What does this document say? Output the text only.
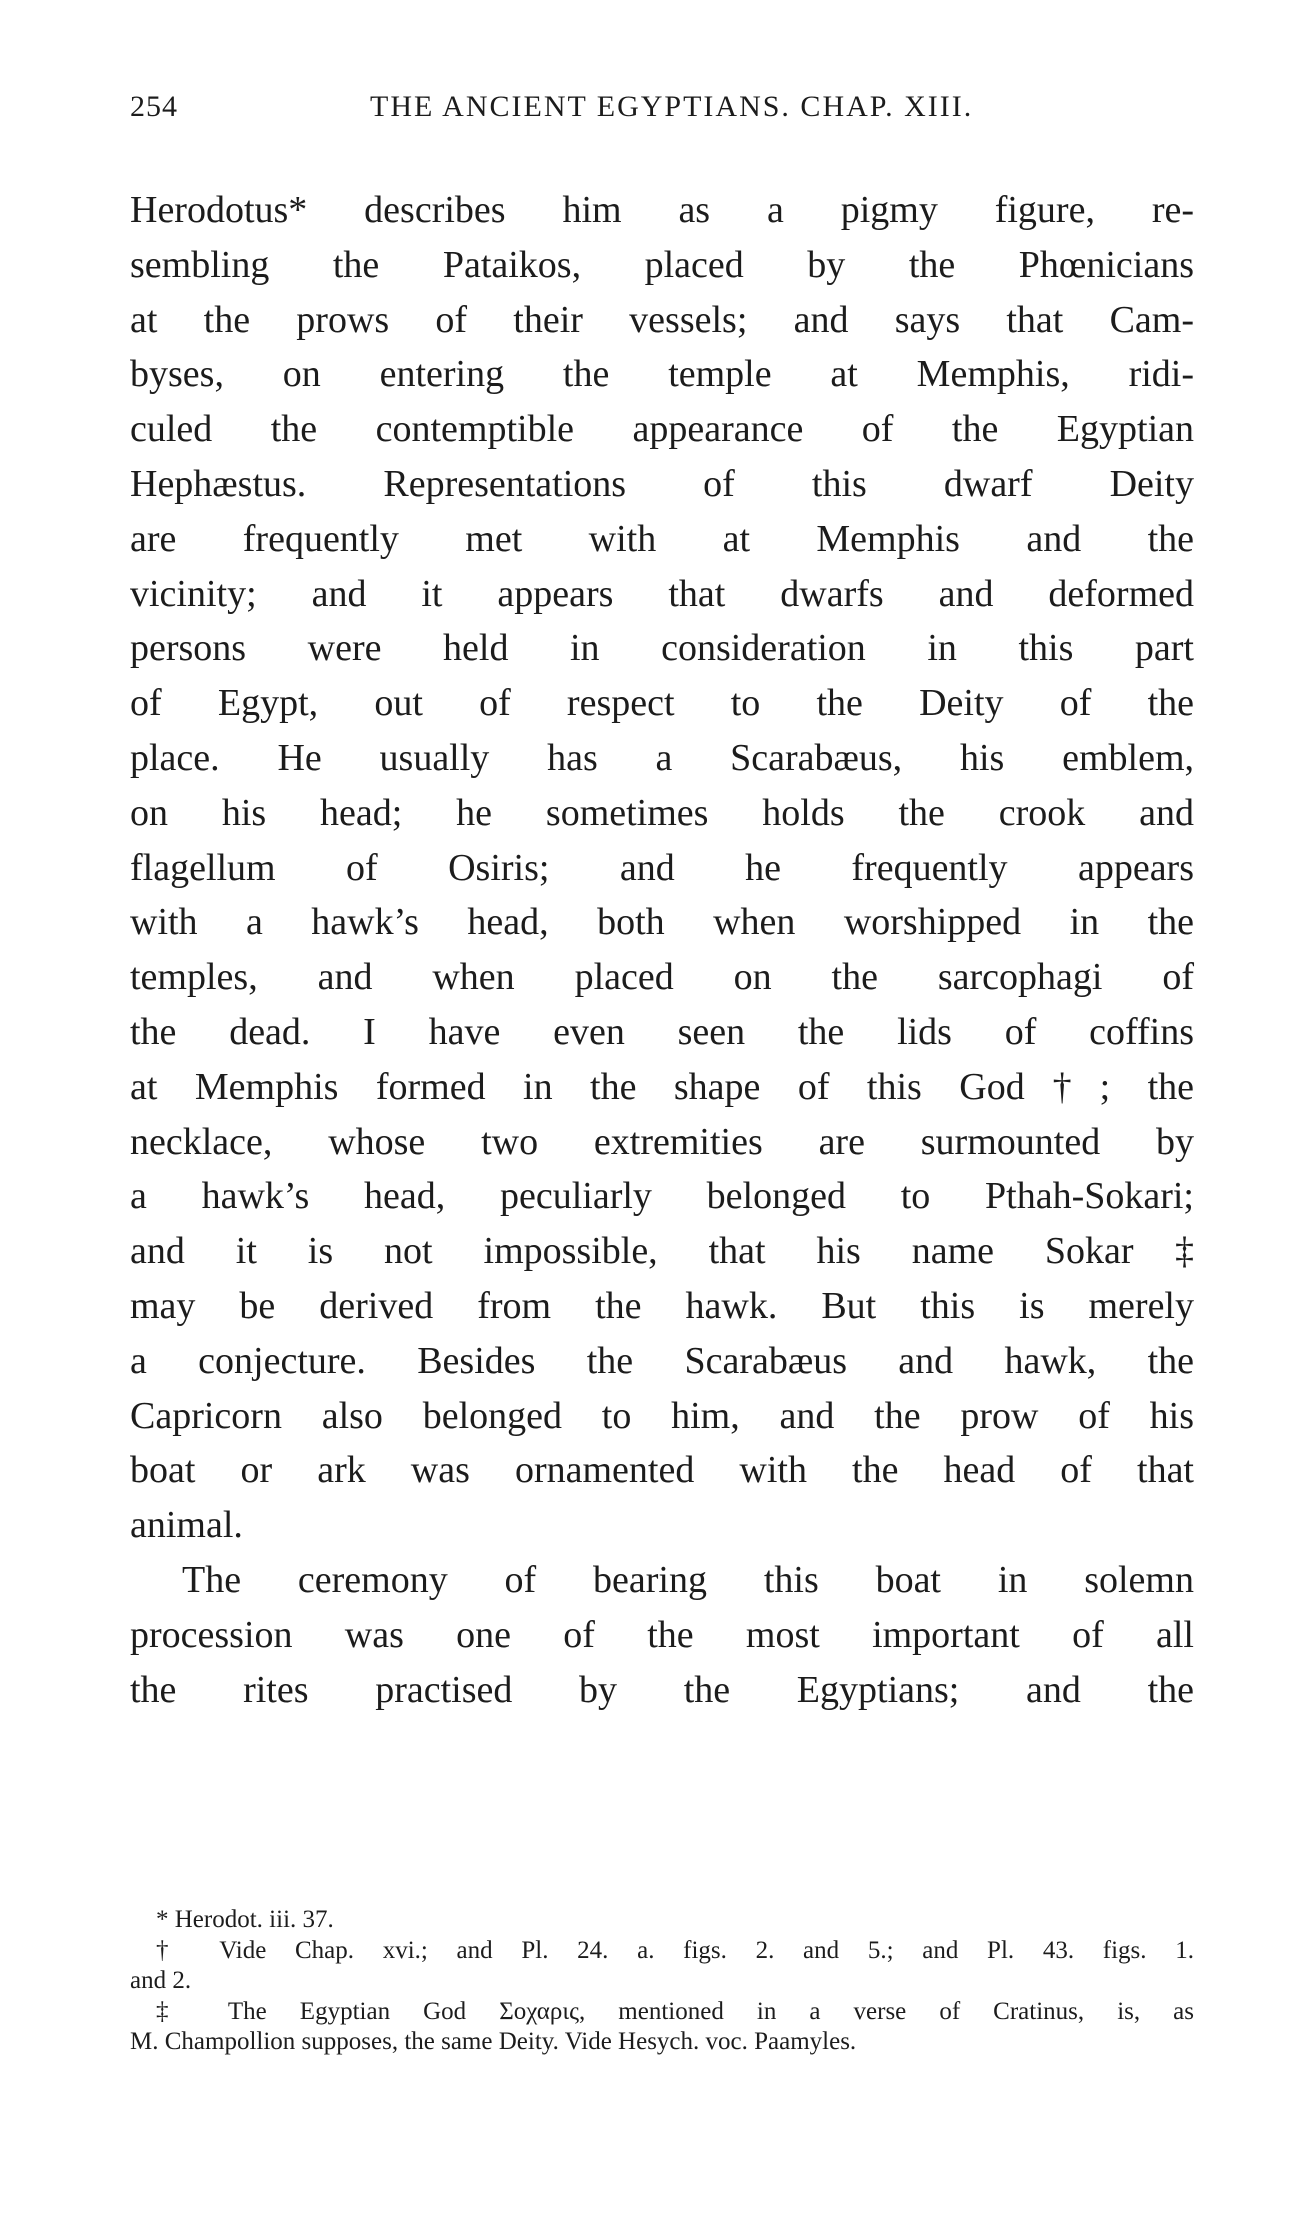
254	THE ANCIENT EGYPTIANS. CHAP. XIII.
Herodotus* describes him as a pigmy figure, re-
sembling the Pataikos, placed by the Phœnicians
at the prows of their vessels; and says that Cam-
byses, on entering the temple at Memphis, ridi-
culed the contemptible appearance of the Egyptian
Hephæstus. Representations of this dwarf Deity
are frequently met with at Memphis and the
vicinity; and it appears that dwarfs and deformed
persons were held in consideration in this part
of Egypt, out of respect to the Deity of the
place. He usually has a Scarabæus, his emblem,
on his head; he sometimes holds the crook and
flagellum of Osiris; and he frequently appears
with a hawk’s head, both when worshipped in the
temples, and when placed on the sarcophagi of
the dead. I have even seen the lids of coffins
at Memphis formed in the shape of this God†; the
necklace, whose two extremities are surmounted by
a hawk’s head, peculiarly belonged to Pthah-Sokari;
and it is not impossible, that his name Sokar‡
may be derived from the hawk. But this is merely
a conjecture. Besides the Scarabæus and hawk, the
Capricorn also belonged to him, and the prow of his
boat or ark was ornamented with the head of that
animal.
The ceremony of bearing this boat in solemn
procession was one of the most important of all
the rites practised by the Egyptians; and the
* Herodot. iii. 37.
† Vide Chap. xvi.; and Pl. 24. a. figs. 2. and 5.; and Pl. 43. figs. 1.
and 2.
‡ The Egyptian God Σοχαρις, mentioned in a verse of Cratinus, is, as
M. Champollion supposes, the same Deity. Vide Hesych. voc. Paamyles.
